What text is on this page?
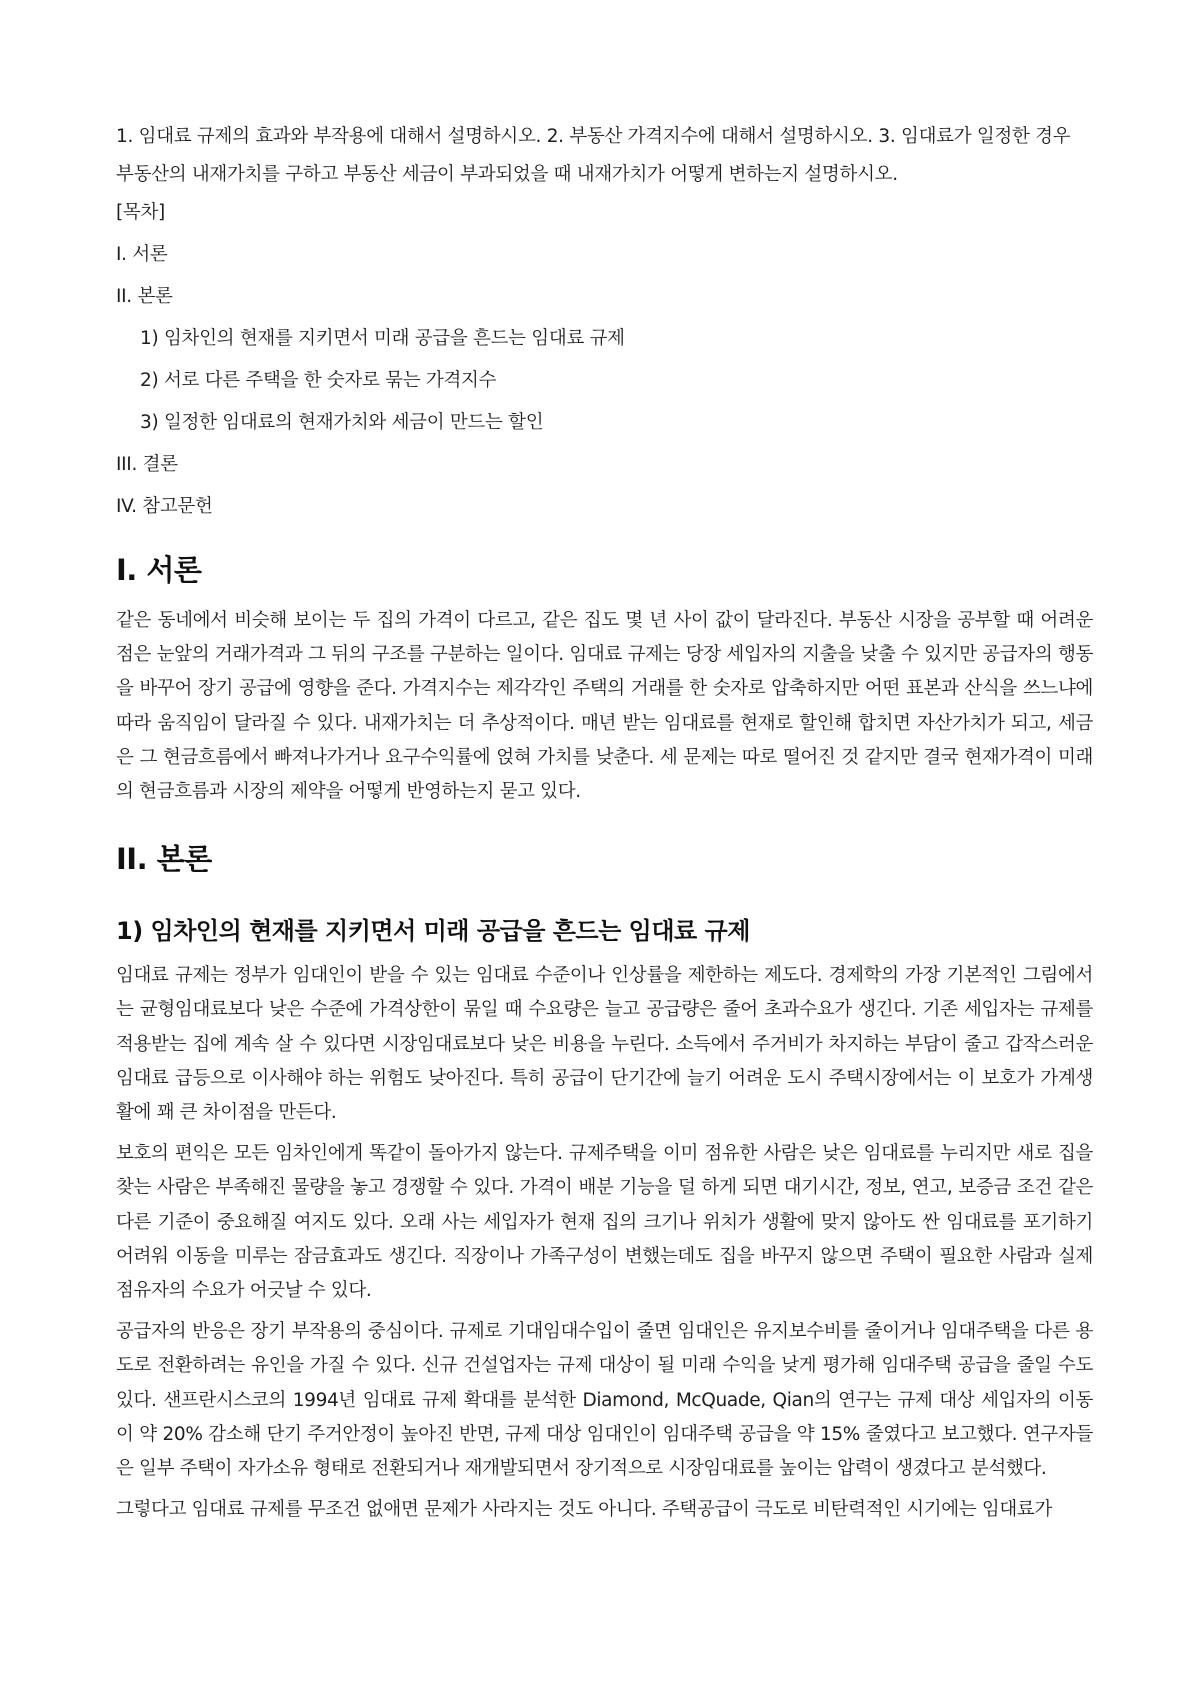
1. 임대료 규제의 효과와 부작용에 대해서 설명하시오. 2. 부동산 가격지수에 대해서 설명하시오. 3. 임대료가 일정한 경우 부동산의 내재가치를 구하고 부동산 세금이 부과되었을 때 내재가치가 어떻게 변하는지 설명하시오.

[목차]
I. 서론
II. 본론
1) 임차인의 현재를 지키면서 미래 공급을 흔드는 임대료 규제
2) 서로 다른 주택을 한 숫자로 묶는 가격지수
3) 일정한 임대료의 현재가치와 세금이 만드는 할인
III. 결론
IV. 참고문헌
I. 서론

같은 동네에서 비슷해 보이는 두 집의 가격이 다르고, 같은 집도 몇 년 사이 값이 달라진다. 부동산 시장을 공부할 때 어려운 점은 눈앞의 거래가격과 그 뒤의 구조를 구분하는 일이다. 임대료 규제는 당장 세입자의 지출을 낮출 수 있지만 공급자의 행동을 바꾸어 장기 공급에 영향을 준다. 가격지수는 제각각인 주택의 거래를 한 숫자로 압축하지만 어떤 표본과 산식을 쓰느냐에 따라 움직임이 달라질 수 있다. 내재가치는 더 추상적이다. 매년 받는 임대료를 현재로 할인해 합치면 자산가치가 되고, 세금은 그 현금흐름에서 빠져나가거나 요구수익률에 얹혀 가치를 낮춘다. 세 문제는 따로 떨어진 것 같지만 결국 현재가격이 미래의 현금흐름과 시장의 제약을 어떻게 반영하는지 묻고 있다.

II. 본론
1) 임차인의 현재를 지키면서 미래 공급을 흔드는 임대료 규제

임대료 규제는 정부가 임대인이 받을 수 있는 임대료 수준이나 인상률을 제한하는 제도다. 경제학의 가장 기본적인 그림에서는 균형임대료보다 낮은 수준에 가격상한이 묶일 때 수요량은 늘고 공급량은 줄어 초과수요가 생긴다. 기존 세입자는 규제를 적용받는 집에 계속 살 수 있다면 시장임대료보다 낮은 비용을 누린다. 소득에서 주거비가 차지하는 부담이 줄고 갑작스러운 임대료 급등으로 이사해야 하는 위험도 낮아진다. 특히 공급이 단기간에 늘기 어려운 도시 주택시장에서는 이 보호가 가계생활에 꽤 큰 차이점을 만든다.

보호의 편익은 모든 임차인에게 똑같이 돌아가지 않는다. 규제주택을 이미 점유한 사람은 낮은 임대료를 누리지만 새로 집을 찾는 사람은 부족해진 물량을 놓고 경쟁할 수 있다. 가격이 배분 기능을 덜 하게 되면 대기시간, 정보, 연고, 보증금 조건 같은 다른 기준이 중요해질 여지도 있다. 오래 사는 세입자가 현재 집의 크기나 위치가 생활에 맞지 않아도 싼 임대료를 포기하기 어려워 이동을 미루는 잠금효과도 생긴다. 직장이나 가족구성이 변했는데도 집을 바꾸지 않으면 주택이 필요한 사람과 실제 점유자의 수요가 어긋날 수 있다.

공급자의 반응은 장기 부작용의 중심이다. 규제로 기대임대수입이 줄면 임대인은 유지보수비를 줄이거나 임대주택을 다른 용도로 전환하려는 유인을 가질 수 있다. 신규 건설업자는 규제 대상이 될 미래 수익을 낮게 평가해 임대주택 공급을 줄일 수도 있다. 샌프란시스코의 1994년 임대료 규제 확대를 분석한 Diamond, McQuade, Qian의 연구는 규제 대상 세입자의 이동이 약 20% 감소해 단기 주거안정이 높아진 반면, 규제 대상 임대인이 임대주택 공급을 약 15% 줄였다고 보고했다. 연구자들은 일부 주택이 자가소유 형태로 전환되거나 재개발되면서 장기적으로 시장임대료를 높이는 압력이 생겼다고 분석했다.

그렇다고 임대료 규제를 무조건 없애면 문제가 사라지는 것도 아니다. 주택공급이 극도로 비탄력적인 시기에는 임대료가
